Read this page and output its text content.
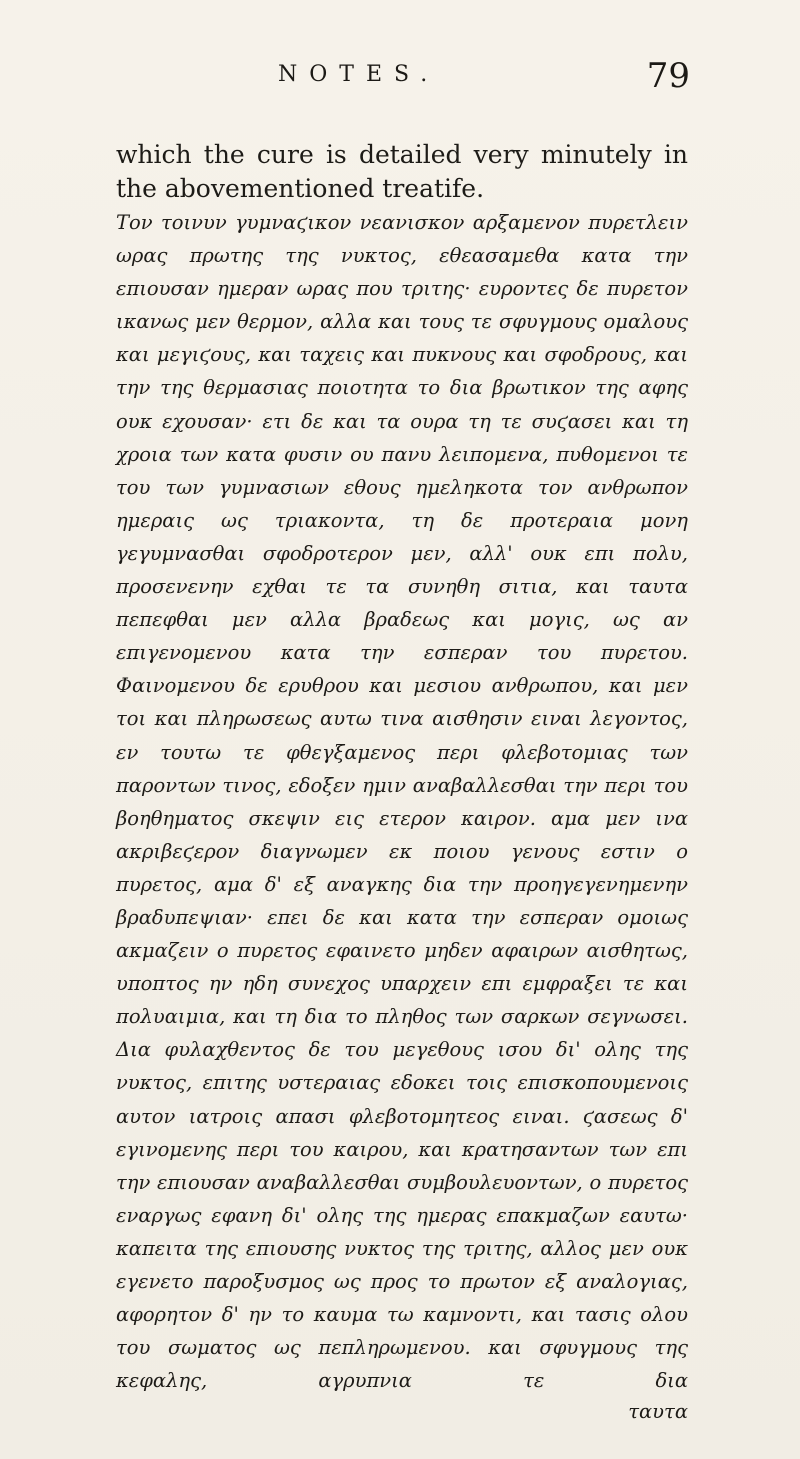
NOTES.	79

which the cure is detailed very minutely in the abovementioned treatife.

Τον τοινυν γυμναϛικον νεανισκον αρξαμενον πυρετλειν ωρας πρωτης της νυκτος, εθεασαμεθα κατα την επιουσαν ημεραν ωρας που τριτης· ευροντες δε πυρετον ικανως μεν θερμον, αλλα και τους τε σφυγμους ομαλους και μεγιϛους, και ταχεις και πυκνους και σφοδρους, και την της θερμασιας ποιοτητα το δια βρωτικον της αφης ουκ εχουσαν· ετι δε και τα ουρα τη τε συϛασει και τη χροια των κατα φυσιν ου πανυ λειπομενα, πυθομενοι τε του των γυμνασιων εθους ημεληκοτα τον ανθρωπον ημεραις ως τριακοντα, τη δε προτεραια μονη γεγυμνασθαι σφοδροτερον μεν, αλλ' ουκ επι πολυ, προσενενην εχθαι τε τα συνηθη σιτια, και ταυτα πεπεφθαι μεν αλλα βραδεως και μογις, ως αν επιγενομενου κατα την εσπεραν του πυρετου. Φαινομενου δε ερυθρου και μεσιου ανθρωπου, και μεν τοι και πληρωσεως αυτω τινα αισθησιν ειναι λεγοντος, εν τουτω τε φθεγξαμενος περι φλεβοτομιας των παροντων τινος, εδοξεν ημιν αναβαλλεσθαι την περι του βοηθηματος σκεψιν εις ετερον καιρον. αμα μεν ινα ακριβεϛερον διαγνωμεν εκ ποιου γενους εστιν ο πυρετος, αμα δ' εξ αναγκης δια την προηγεγενημενην βραδυπεψιαν· επει δε και κατα την εσπεραν ομοιως ακμαζειν ο πυρετος εφαινετο μηδεν αφαιρων αισθητως, υποπτος ην ηδη συνεχος υπαρχειν επι εμφραξει τε και πολυαιμια, και τη δια το πληθος των σαρκων σεγνωσει. Δια φυλαχθεντος δε του μεγεθους ισου δι' ολης της νυκτος, επιτης υστεραιας εδοκει τοις επισκοπουμενοις αυτον ιατροις απασι φλεβοτομητεος ειναι. ϛασεως δ' εγινομενης περι του καιρου, και κρατησαντων των επι την επιουσαν αναβαλλεσθαι συμβουλευοντων, ο πυρετος εναργως εφανη δι' ολης της ημερας επακμαζων εαυτω· καπειτα της επιουσης νυκτος της τριτης, αλλος μεν ουκ εγενετο παροξυσμος ως προς το πρωτον εξ αναλογιας, αφορητον δ' ην το καυμα τω καμνοντι, και τασις ολου του σωματος ως πεπληρωμενου. και σφυγμους της κεφαλης, αγρυπνια τε δια

ταυτα
